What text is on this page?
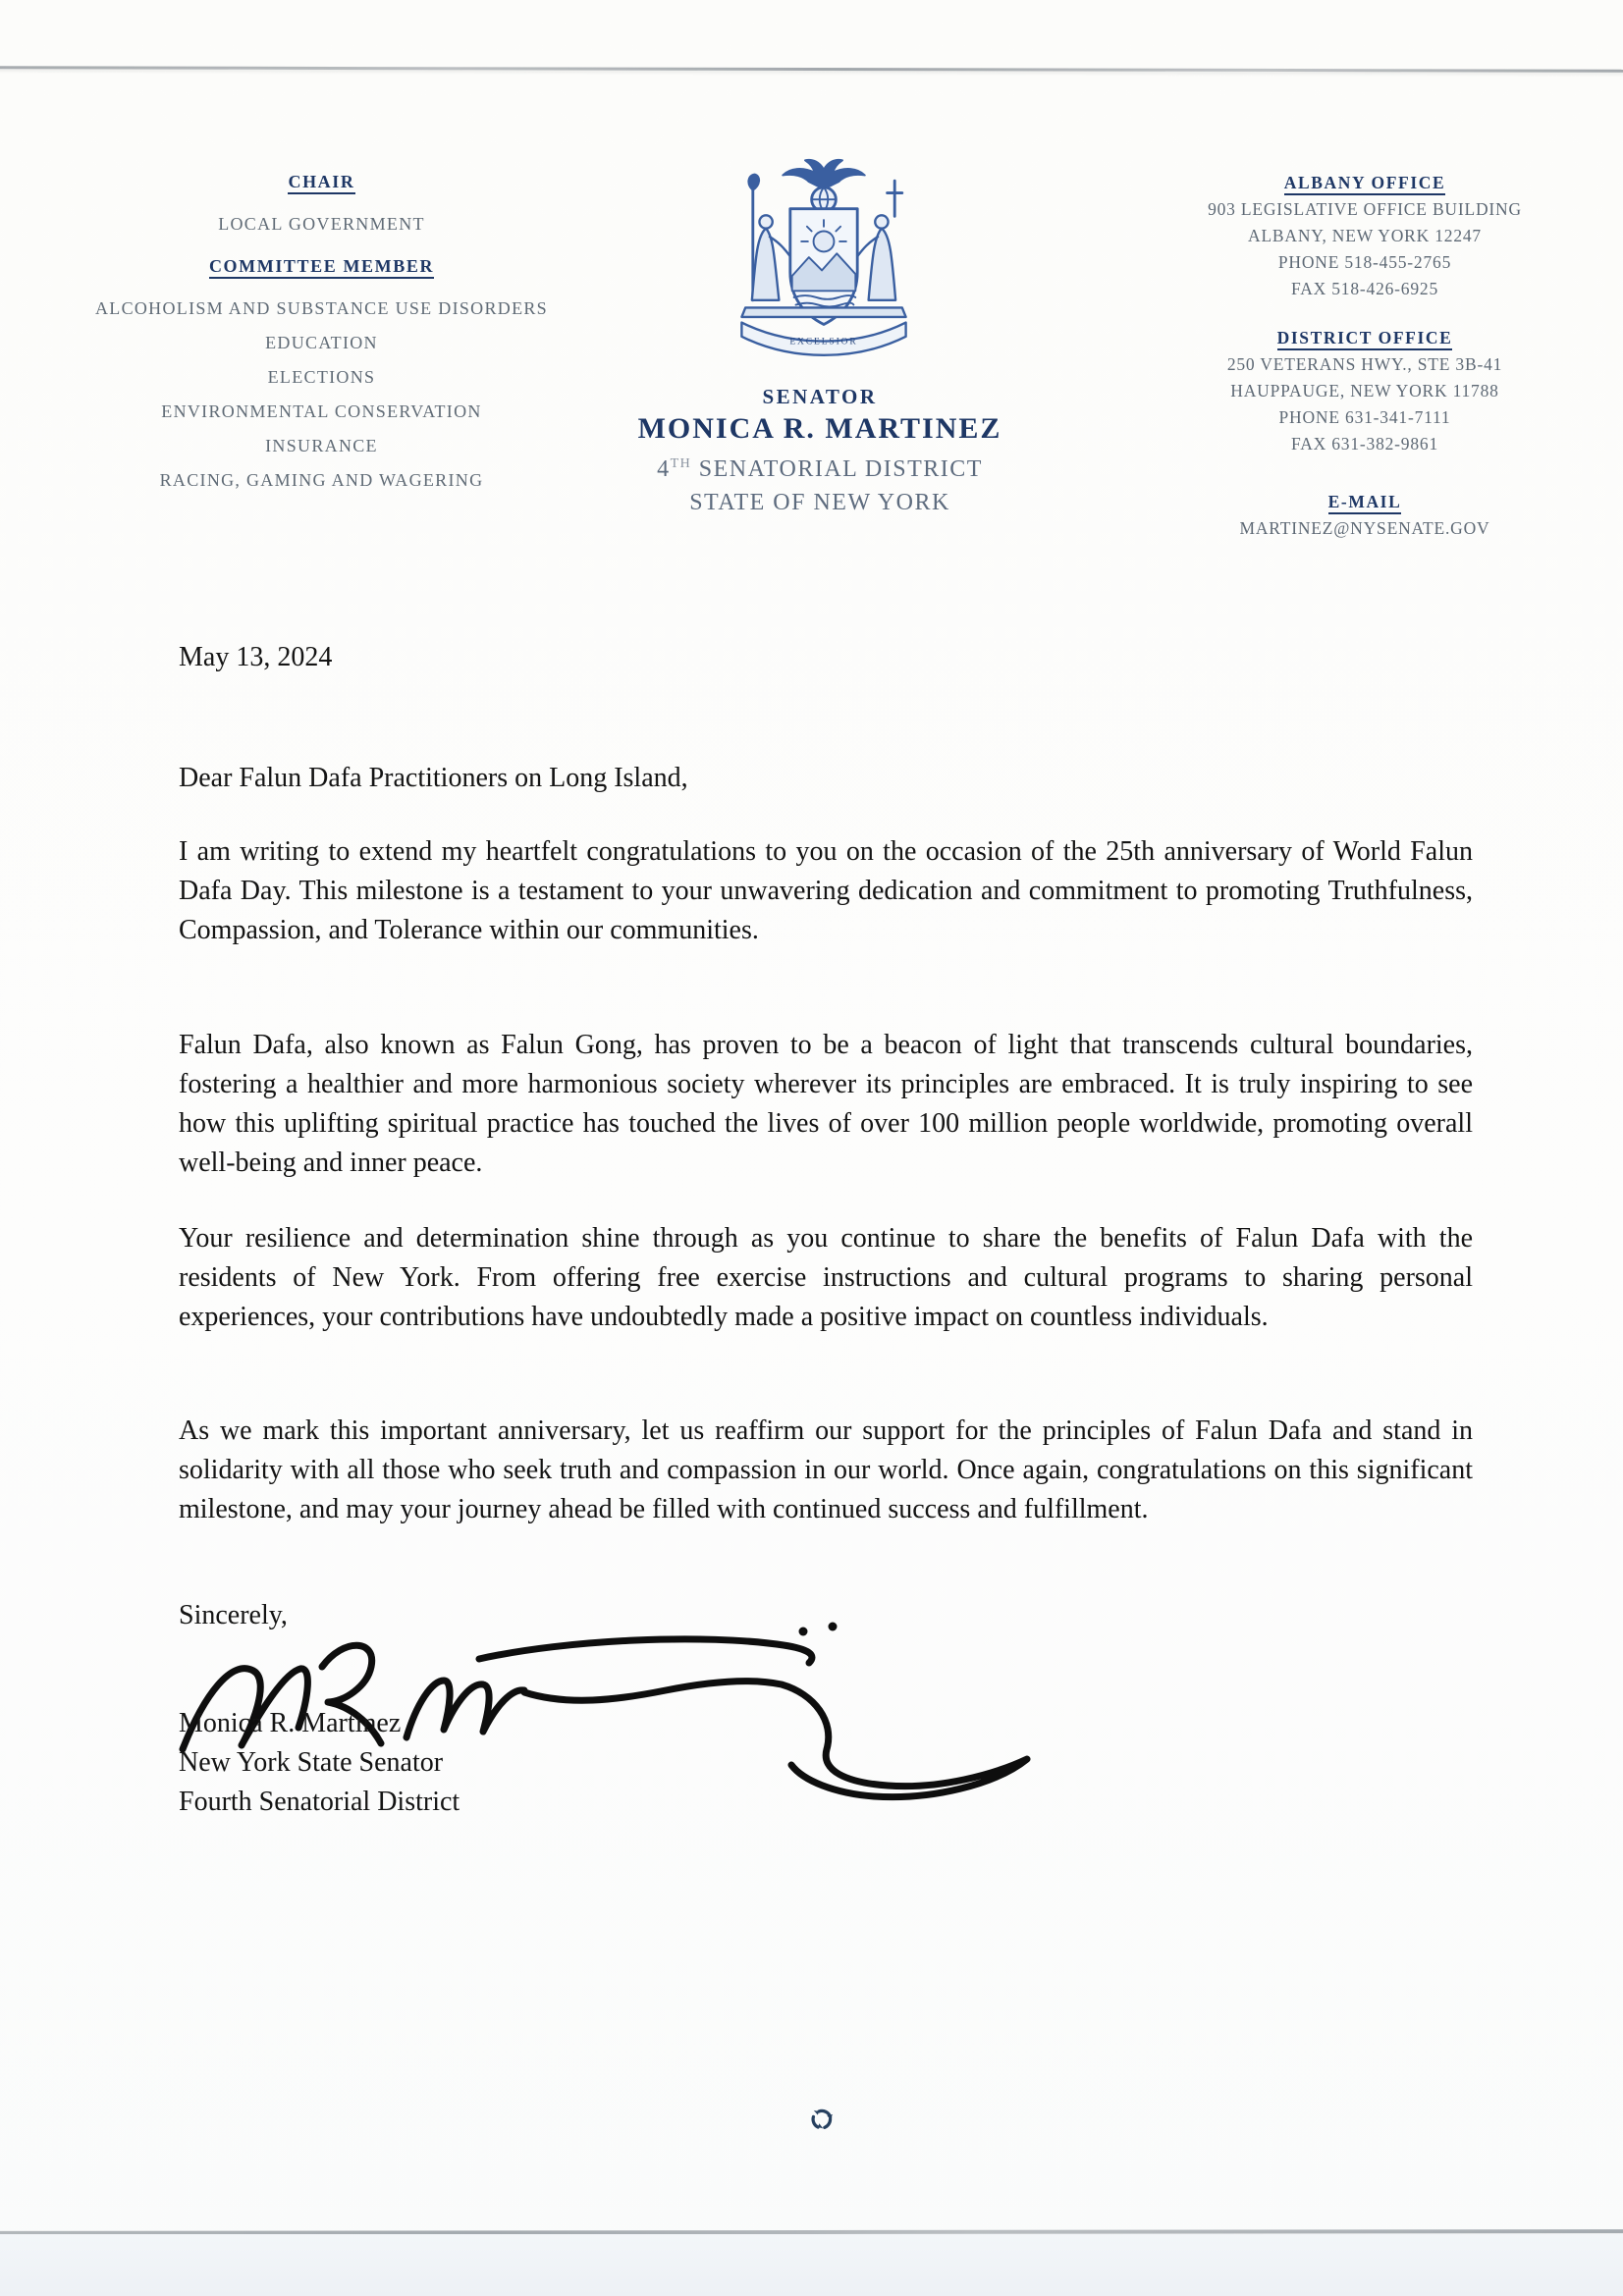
CHAIR
LOCAL GOVERNMENT
COMMITTEE MEMBER
ALCOHOLISM AND SUBSTANCE USE DISORDERS
EDUCATION
ELECTIONS
ENVIRONMENTAL CONSERVATION
INSURANCE
RACING, GAMING AND WAGERING
EXCELSIOR
SENATOR
MONICA R. MARTINEZ
4TH SENATORIAL DISTRICT
STATE OF NEW YORK
ALBANY OFFICE
903 LEGISLATIVE OFFICE BUILDING
ALBANY, NEW YORK 12247
PHONE 518-455-2765
FAX 518-426-6925
DISTRICT OFFICE
250 VETERANS HWY., STE 3B-41
HAUPPAUGE, NEW YORK 11788
PHONE 631-341-7111
FAX 631-382-9861
E-MAIL
MARTINEZ@NYSENATE.GOV
May 13, 2024
Dear Falun Dafa Practitioners on Long Island,
I am writing to extend my heartfelt congratulations to you on the occasion of the 25th anniversary of World Falun Dafa Day. This milestone is a testament to your unwavering dedication and commitment to promoting Truthfulness, Compassion, and Tolerance within our communities.
Falun Dafa, also known as Falun Gong, has proven to be a beacon of light that transcends cultural boundaries, fostering a healthier and more harmonious society wherever its principles are embraced. It is truly inspiring to see how this uplifting spiritual practice has touched the lives of over 100 million people worldwide, promoting overall well-being and inner peace.
Your resilience and determination shine through as you continue to share the benefits of Falun Dafa with the residents of New York. From offering free exercise instructions and cultural programs to sharing personal experiences, your contributions have undoubtedly made a positive impact on countless individuals.
As we mark this important anniversary, let us reaffirm our support for the principles of Falun Dafa and stand in solidarity with all those who seek truth and compassion in our world. Once again, congratulations on this significant milestone, and may your journey ahead be filled with continued success and fulfillment.
Sincerely,
Monica R. Martinez
New York State Senator
Fourth Senatorial District
